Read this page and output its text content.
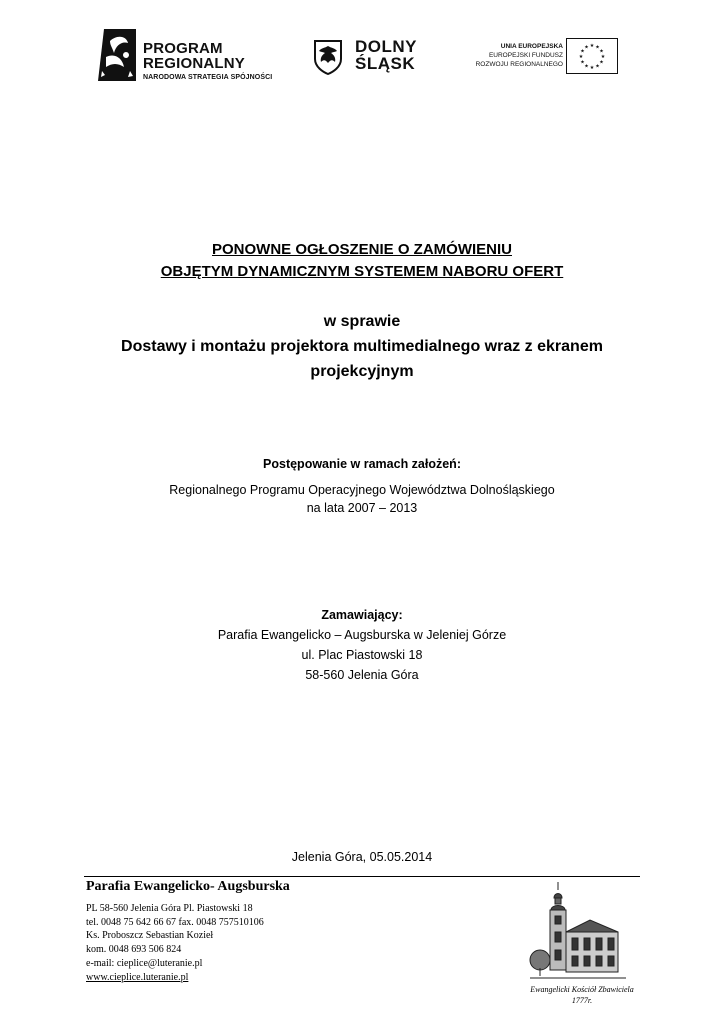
PROGRAM
REGIONALNY
NARODOWA STRATEGIA SPÓJNOŚCI
DOLNY
ŚLĄSK
UNIA EUROPEJSKA
EUROPEJSKI FUNDUSZ
ROZWOJU REGIONALNEGO
★ ★
★
★
★
★
★
★
★
★
★
★
PONOWNE OGŁOSZENIE O ZAMÓWIENIU
OBJĘTYM DYNAMICZNYM SYSTEMEM NABORU OFERT
w sprawie
Dostawy i montażu projektora multimedialnego wraz z ekranem
projekcyjnym
Postępowanie w ramach założeń:
Regionalnego Programu Operacyjnego Województwa Dolnośląskiego
na lata 2007 – 2013
Zamawiający:
Parafia Ewangelicko – Augsburska w Jeleniej Górze
ul. Plac Piastowski 18
58-560 Jelenia Góra
Jelenia Góra, 05.05.2014
Parafia Ewangelicko- Augsburska
PL 58-560 Jelenia Góra Pl. Piastowski 18
tel. 0048 75 642 66 67 fax. 0048 757510106
Ks. Proboszcz Sebastian Kozieł
kom. 0048 693 506 824
e-mail: cieplice@luteranie.pl
www.cieplice.luteranie.pl
Ewangelicki Kościół Zbawiciela
1777r.
